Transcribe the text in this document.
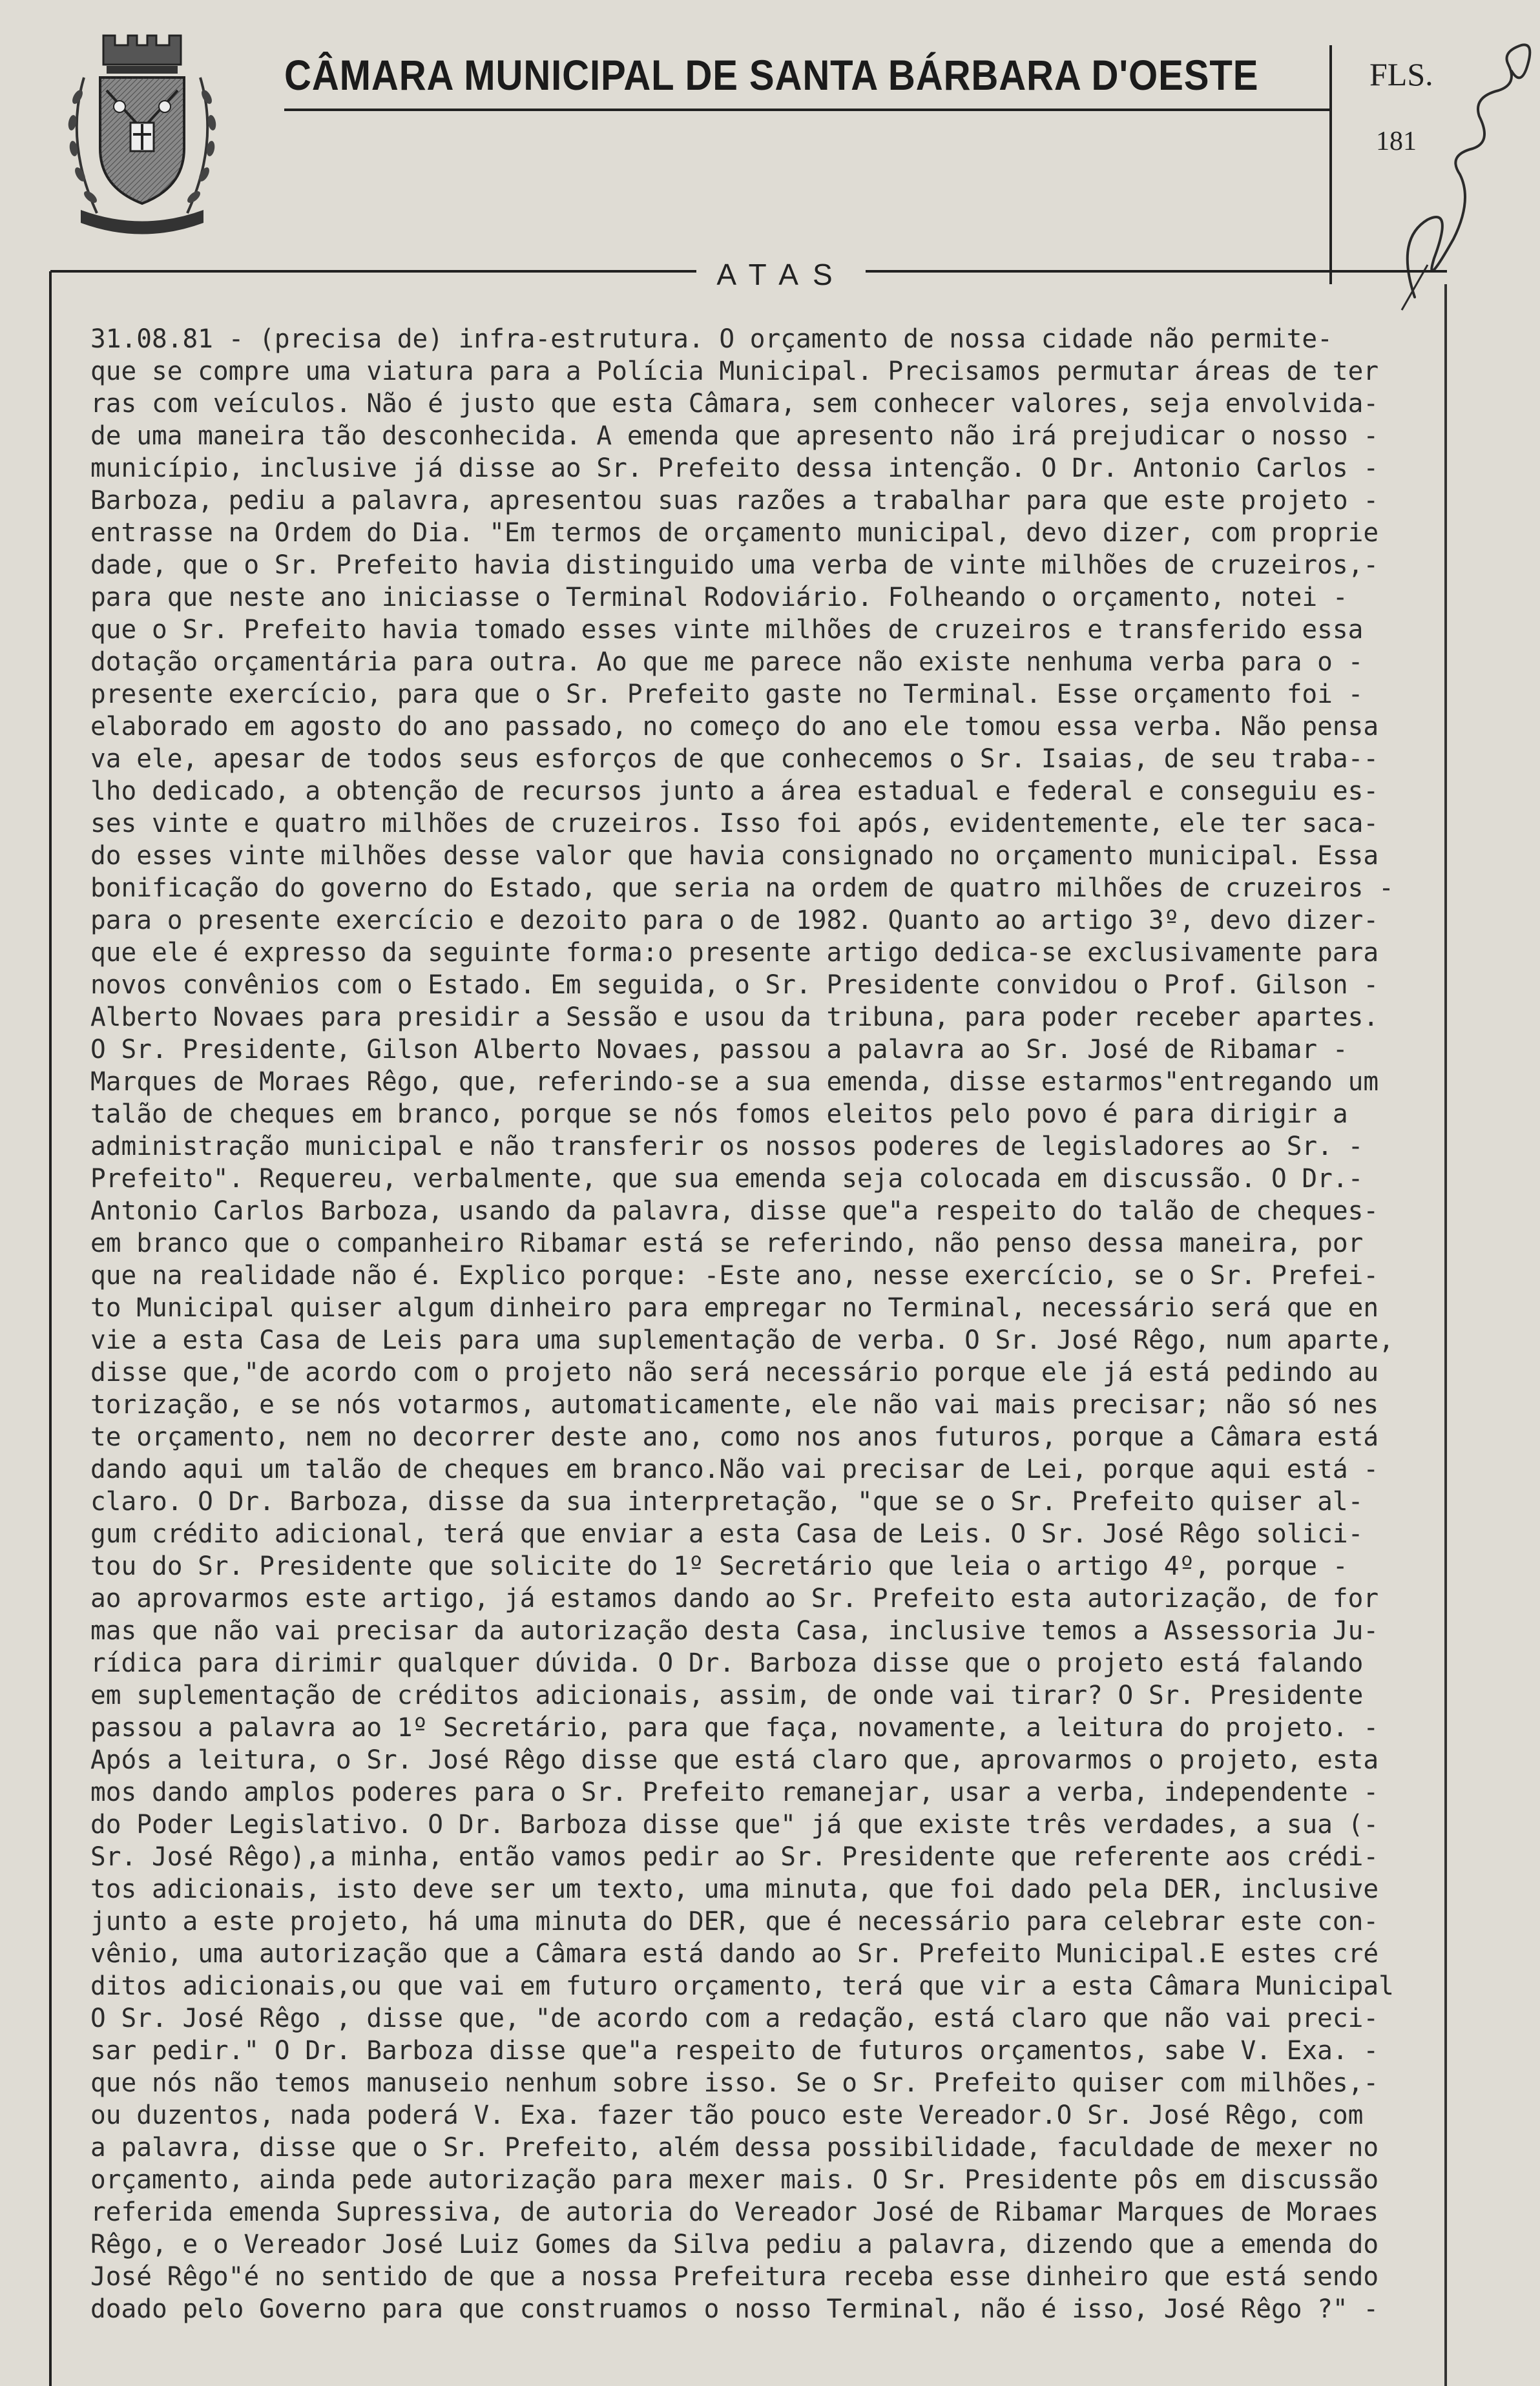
CÂMARA MUNICIPAL DE SANTA BÁRBARA D'OESTE	FLS.
181
ATAS
31.08.81 - (precisa de) infra-estrutura. O orçamento de nossa cidade não permite-
que se compre uma viatura para a Polícia Municipal. Precisamos permutar áreas de ter
ras com veículos. Não é justo que esta Câmara, sem conhecer valores, seja envolvida-
de uma maneira tão desconhecida. A emenda que apresento não irá prejudicar o nosso -
município, inclusive já disse ao Sr. Prefeito dessa intenção. O Dr. Antonio Carlos -
Barboza, pediu a palavra, apresentou suas razões a trabalhar para que este projeto -
entrasse na Ordem do Dia. "Em termos de orçamento municipal, devo dizer, com proprie
dade, que o Sr. Prefeito havia distinguido uma verba de vinte milhões de cruzeiros,-
para que neste ano iniciasse o Terminal Rodoviário. Folheando o orçamento, notei -
que o Sr. Prefeito havia tomado esses vinte milhões de cruzeiros e transferido essa
dotação orçamentária para outra. Ao que me parece não existe nenhuma verba para o -
presente exercício, para que o Sr. Prefeito gaste no Terminal. Esse orçamento foi -
elaborado em agosto do ano passado, no começo do ano ele tomou essa verba. Não pensa
va ele, apesar de todos seus esforços de que conhecemos o Sr. Isaias, de seu traba--
lho dedicado, a obtenção de recursos junto a área estadual e federal e conseguiu es-
ses vinte e quatro milhões de cruzeiros. Isso foi após, evidentemente, ele ter saca-
do esses vinte milhões desse valor que havia consignado no orçamento municipal. Essa
bonificação do governo do Estado, que seria na ordem de quatro milhões de cruzeiros -
para o presente exercício e dezoito para o de 1982. Quanto ao artigo 3º, devo dizer-
que ele é expresso da seguinte forma:o presente artigo dedica-se exclusivamente para
novos convênios com o Estado. Em seguida, o Sr. Presidente convidou o Prof. Gilson -
Alberto Novaes para presidir a Sessão e usou da tribuna, para poder receber apartes.
O Sr. Presidente, Gilson Alberto Novaes, passou a palavra ao Sr. José de Ribamar -
Marques de Moraes Rêgo, que, referindo-se a sua emenda, disse estarmos"entregando um
talão de cheques em branco, porque se nós fomos eleitos pelo povo é para dirigir a
administração municipal e não transferir os nossos poderes de legisladores ao Sr. -
Prefeito". Requereu, verbalmente, que sua emenda seja colocada em discussão. O Dr.-
Antonio Carlos Barboza, usando da palavra, disse que"a respeito do talão de cheques-
em branco que o companheiro Ribamar está se referindo, não penso dessa maneira, por
que na realidade não é. Explico porque: -Este ano, nesse exercício, se o Sr. Prefei-
to Municipal quiser algum dinheiro para empregar no Terminal, necessário será que en
vie a esta Casa de Leis para uma suplementação de verba. O Sr. José Rêgo, num aparte,
disse que,"de acordo com o projeto não será necessário porque ele já está pedindo au
torização, e se nós votarmos, automaticamente, ele não vai mais precisar; não só nes
te orçamento, nem no decorrer deste ano, como nos anos futuros, porque a Câmara está
dando aqui um talão de cheques em branco.Não vai precisar de Lei, porque aqui está -
claro. O Dr. Barboza, disse da sua interpretação, "que se o Sr. Prefeito quiser al-
gum crédito adicional, terá que enviar a esta Casa de Leis. O Sr. José Rêgo solici-
tou do Sr. Presidente que solicite do 1º Secretário que leia o artigo 4º, porque -
ao aprovarmos este artigo, já estamos dando ao Sr. Prefeito esta autorização, de for
mas que não vai precisar da autorização desta Casa, inclusive temos a Assessoria Ju-
rídica para dirimir qualquer dúvida. O Dr. Barboza disse que o projeto está falando
em suplementação de créditos adicionais, assim, de onde vai tirar? O Sr. Presidente
passou a palavra ao 1º Secretário, para que faça, novamente, a leitura do projeto. -
Após a leitura, o Sr. José Rêgo disse que está claro que, aprovarmos o projeto, esta
mos dando amplos poderes para o Sr. Prefeito remanejar, usar a verba, independente -
do Poder Legislativo. O Dr. Barboza disse que" já que existe três verdades, a sua (-
Sr. José Rêgo),a minha, então vamos pedir ao Sr. Presidente que referente aos crédi-
tos adicionais, isto deve ser um texto, uma minuta, que foi dado pela DER, inclusive
junto a este projeto, há uma minuta do DER, que é necessário para celebrar este con-
vênio, uma autorização que a Câmara está dando ao Sr. Prefeito Municipal.E estes cré
ditos adicionais,ou que vai em futuro orçamento, terá que vir a esta Câmara Municipal
O Sr. José Rêgo , disse que, "de acordo com a redação, está claro que não vai preci-
sar pedir." O Dr. Barboza disse que"a respeito de futuros orçamentos, sabe V. Exa. -
que nós não temos manuseio nenhum sobre isso. Se o Sr. Prefeito quiser com milhões,-
ou duzentos, nada poderá V. Exa. fazer tão pouco este Vereador.O Sr. José Rêgo, com
a palavra, disse que o Sr. Prefeito, além dessa possibilidade, faculdade de mexer no
orçamento, ainda pede autorização para mexer mais. O Sr. Presidente pôs em discussão
referida emenda Supressiva, de autoria do Vereador José de Ribamar Marques de Moraes
Rêgo, e o Vereador José Luiz Gomes da Silva pediu a palavra, dizendo que a emenda do
José Rêgo"é no sentido de que a nossa Prefeitura receba esse dinheiro que está sendo
doado pelo Governo para que construamos o nosso Terminal, não é isso, José Rêgo ?" -
